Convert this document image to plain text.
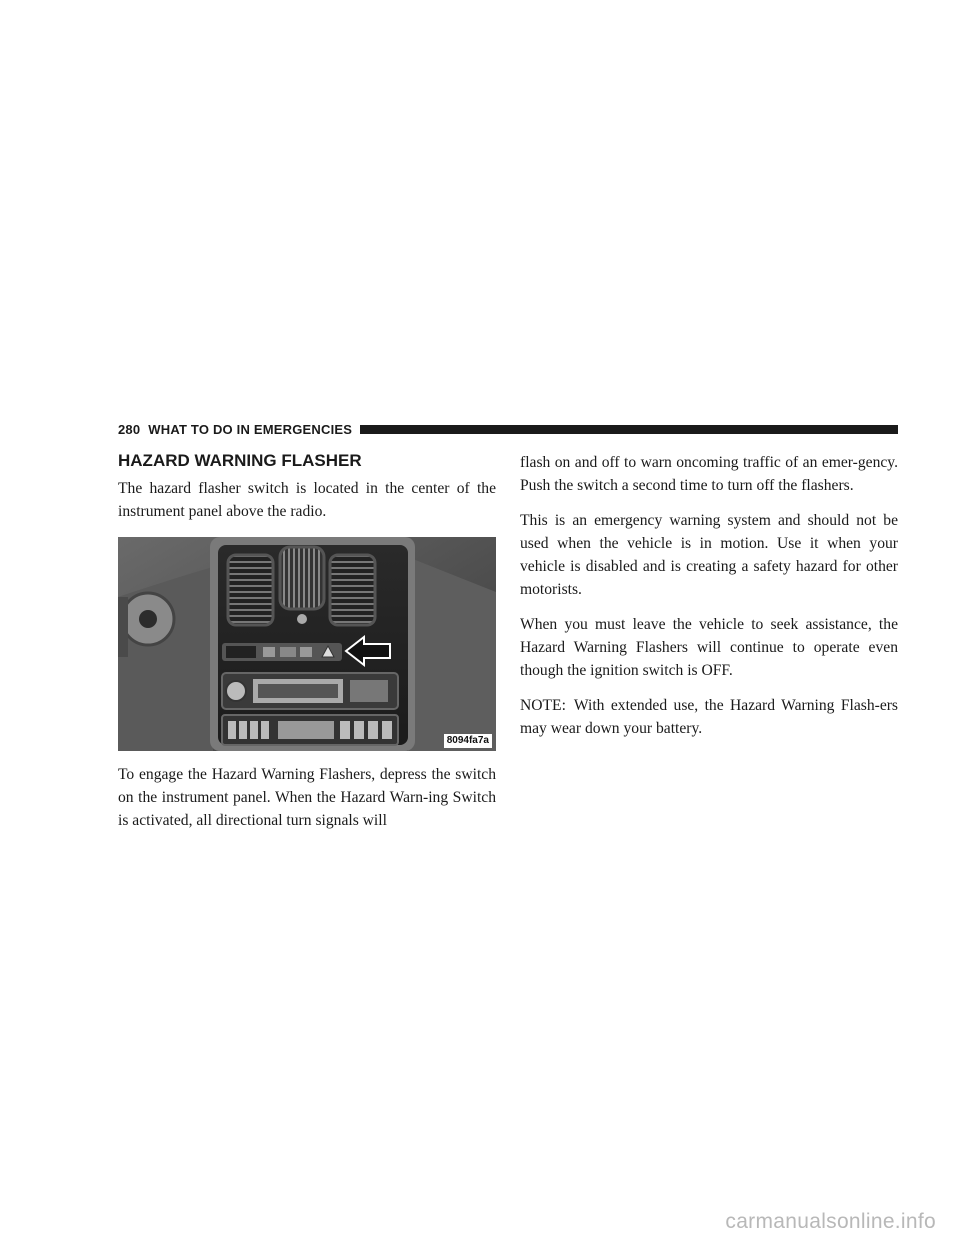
280 WHAT TO DO IN EMERGENCIES
HAZARD WARNING FLASHER

The hazard flasher switch is located in the center of the instrument panel above the radio.

8094fa7a

To engage the Hazard Warning Flashers, depress the switch on the instrument panel. When the Hazard Warn-ing Switch is activated, all directional turn signals will

flash on and off to warn oncoming traffic of an emer-gency. Push the switch a second time to turn off the flashers.

This is an emergency warning system and should not be used when the vehicle is in motion. Use it when your vehicle is disabled and is creating a safety hazard for other motorists.

When you must leave the vehicle to seek assistance, the Hazard Warning Flashers will continue to operate even though the ignition switch is OFF.

NOTE: With extended use, the Hazard Warning Flash-ers may wear down your battery.

carmanualsonline.info
